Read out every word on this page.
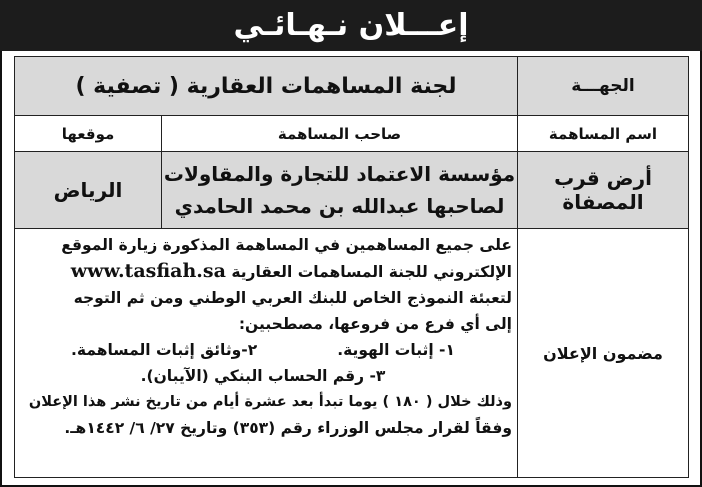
إعـــلان نـهـائـي
الجهـــة
لجنة المساهمات العقارية ( تصفية )
اسم المساهمة
صاحب المساهمة
موقعها
أرض قرب المصفاة
مؤسسة الاعتماد للتجارة والمقاولات
لصاحبها عبدالله بن محمد الحامدي
الرياض
مضمون الإعلان
على جميع المساهمين في المساهمة المذكورة زيارة الموقع
الإلكتروني للجنة المساهمات العقارية www.tasfiah.sa
لتعبئة النموذج الخاص للبنك العربي الوطني ومن ثم التوجه
إلى أي فرع من فروعها، مصطحبين:
١- إثبات الهوية.
٢-وثائق إثبات المساهمة.
٣- رقم الحساب البنكي (الآيبان).
وذلك خلال ( ١٨٠ ) يوما تبدأ بعد عشرة أيام من تاريخ نشر هذا الإعلان
وفقاً لقرار مجلس الوزراء رقم (٣٥٣) وتاريخ ٢٧/ ٦/ ١٤٤٢هـ.
